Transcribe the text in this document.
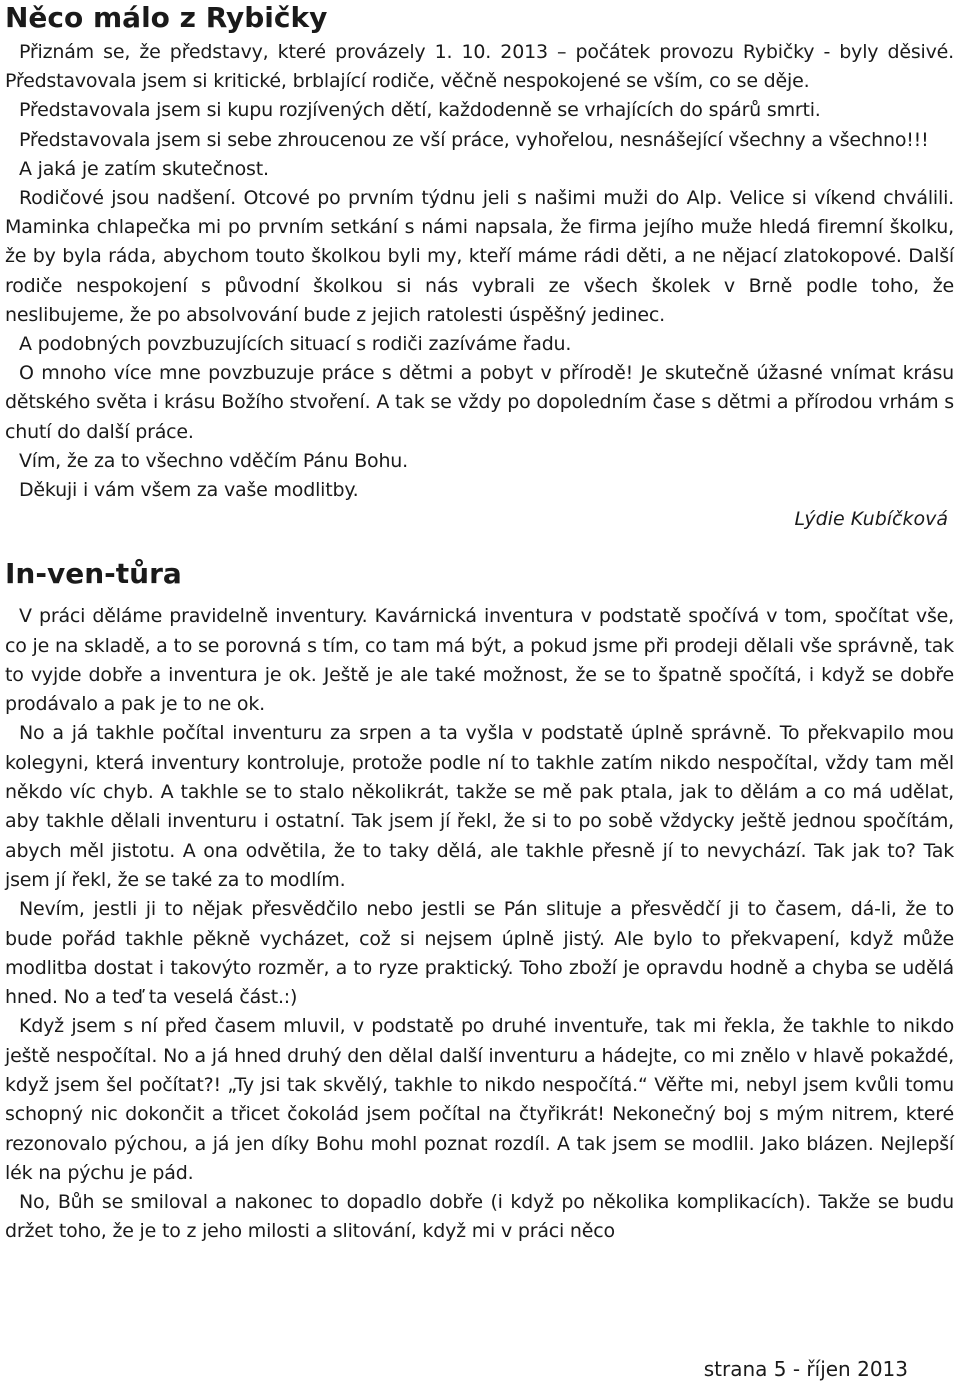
Něco málo z Rybičky

Přiznám se, že představy, které provázely 1. 10. 2013 – počátek provozu Rybičky - byly děsivé. Představovala jsem si kritické, brblající rodiče, věčně nespokojené se vším, co se děje.

Představovala jsem si kupu rozjívených dětí, každodenně se vrhajících do spárů smrti.

Představovala jsem si sebe zhroucenou ze vší práce, vyhořelou, nesnášející všechny a všechno!!!

A jaká je zatím skutečnost.

Rodičové jsou nadšení. Otcové po prvním týdnu jeli s našimi muži do Alp. Velice si víkend chválili. Maminka chlapečka mi po prvním setkání s námi napsala, že firma jejího muže hledá firemní školku, že by byla ráda, abychom touto školkou byli my, kteří máme rádi děti, a ne nějací zlatokopové. Další rodiče nespokojení s původní školkou si nás vybrali ze všech školek v Brně podle toho, že neslibujeme, že po absolvování bude z jejich ratolesti úspěšný jedinec.

A podobných povzbuzujících situací s rodiči zazíváme řadu.

O mnoho více mne povzbuzuje práce s dětmi a pobyt v přírodě! Je skutečně úžasné vnímat krásu dětského světa i krásu Božího stvoření. A tak se vždy po dopoledním čase s dětmi a přírodou vrhám s chutí do další práce.

Vím, že za to všechno vděčím Pánu Bohu.

Děkuji i vám všem za vaše modlitby.

Lýdie Kubíčková

In-ven-tůra

V práci děláme pravidelně inventury. Kavárnická inventura v podstatě spočívá v tom, spočítat vše, co je na skladě, a to se porovná s tím, co tam má být, a pokud jsme při prodeji dělali vše správně, tak to vyjde dobře a inventura je ok. Ještě je ale také možnost, že se to špatně spočítá, i když se dobře prodávalo a pak je to ne ok.

No a já takhle počítal inventuru za srpen a ta vyšla v podstatě úplně správně. To překvapilo mou kolegyni, která inventury kontroluje, protože podle ní to takhle zatím nikdo nespočítal, vždy tam měl někdo víc chyb. A takhle se to stalo několikrát, takže se mě pak ptala, jak to dělám a co má udělat, aby takhle dělali inventuru i ostatní. Tak jsem jí řekl, že si to po sobě vždycky ještě jednou spočítám, abych měl jistotu. A ona odvětila, že to taky dělá, ale takhle přesně jí to nevychází. Tak jak to? Tak jsem jí řekl, že se také za to modlím.

Nevím, jestli ji to nějak přesvědčilo nebo jestli se Pán slituje a přesvědčí ji to časem, dá-li, že to bude pořád takhle pěkně vycházet, což si nejsem úplně jistý. Ale bylo to překvapení, když může modlitba dostat i takovýto rozměr, a to ryze praktický. Toho zboží je opravdu hodně a chyba se udělá hned. No a teď ta veselá část.:)

Když jsem s ní před časem mluvil, v podstatě po druhé inventuře, tak mi řekla, že takhle to nikdo ještě nespočítal. No a já hned druhý den dělal další inventuru a hádejte, co mi znělo v hlavě pokaždé, když jsem šel počítat?! „Ty jsi tak skvělý, takhle to nikdo nespočítá.“ Věřte mi, nebyl jsem kvůli tomu schopný nic dokončit a třicet čokolád jsem počítal na čtyřikrát! Nekonečný boj s mým nitrem, které rezonovalo pýchou, a já jen díky Bohu mohl poznat rozdíl. A tak jsem se modlil. Jako blázen. Nejlepší lék na pýchu je pád.

No, Bůh se smiloval a nakonec to dopadlo dobře (i když po několika komplikacích). Takže se budu držet toho, že je to z jeho milosti a slitování, když mi v práci něco

strana 5 - říjen 2013
